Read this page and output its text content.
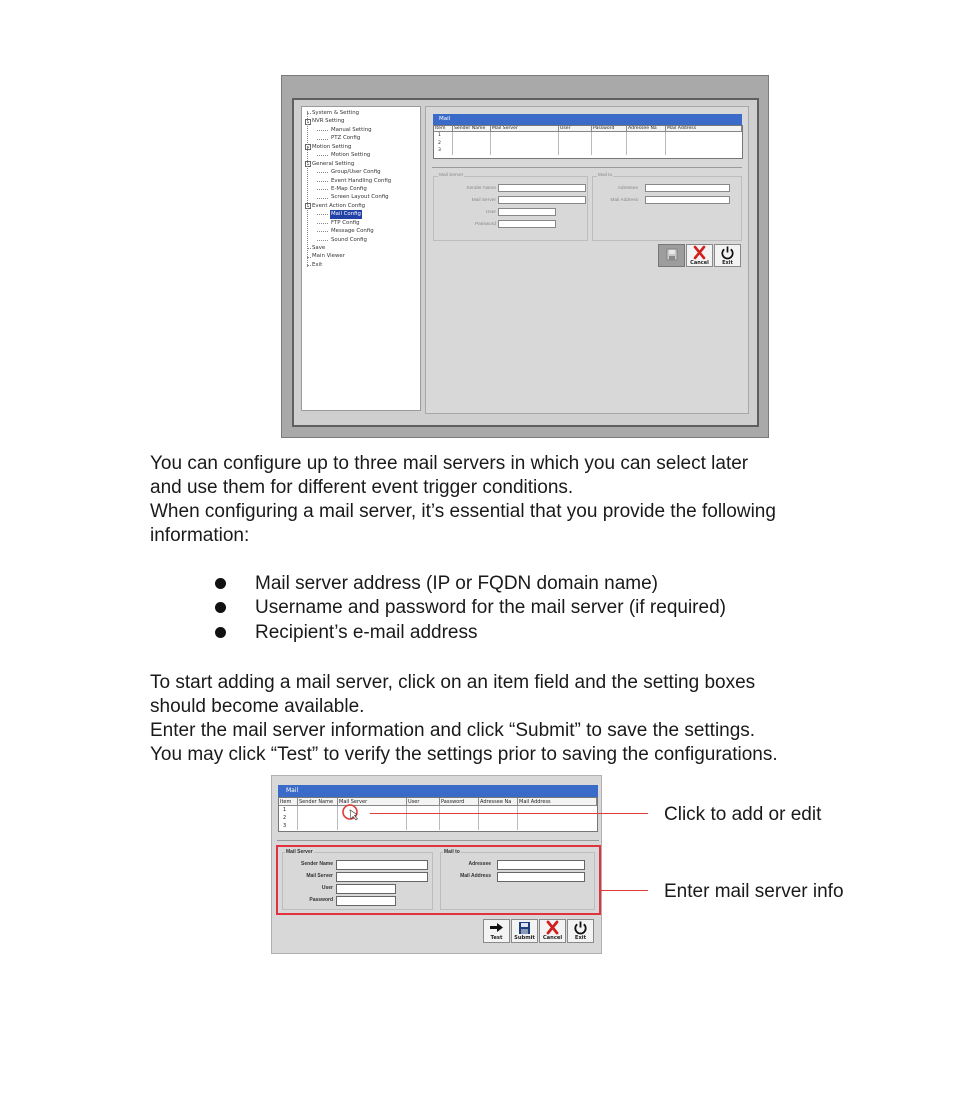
System & Setting
- NVR Setting
Manual Setting
PTZ Config
- Motion Setting
Motion Setting
- General Setting
Group/User Config
Event Handling Config
E-Map Config
Screen Layout Config
- Event Action Config
Mail Config
FTP Config
Message Config
Sound Config
Save
Main Viewer
Exit
Mail
Item	Sender Name	Mail Server	User	Password	Adressee Na	Mail Address
1
2
3
Mail Server
Sender Name
Mail Server
User
Password
Mail to
Adressee
Mail Address
Cancel	Exit
You can configure up to three mail servers in which you can select later
and use them for different event trigger conditions.
When configuring a mail server, it’s essential that you provide the following
information:
Mail server address (IP or FQDN domain name)
Username and password for the mail server (if required)
Recipient’s e-mail address
To start adding a mail server, click on an item field and the setting boxes
should become available.
Enter the mail server information and click “Submit” to save the settings.
You may click “Test” to verify the settings prior to saving the configurations.
Mail
Item	Sender Name	Mail Server	User	Password	Adressee Na	Mail Address
1
2
3
Mail Server
Sender Name
Mail Server
User
Password
Mail to
Adressee
Mail Address
Test	Submit	Cancel	Exit
Click to add or edit
Enter mail server info
